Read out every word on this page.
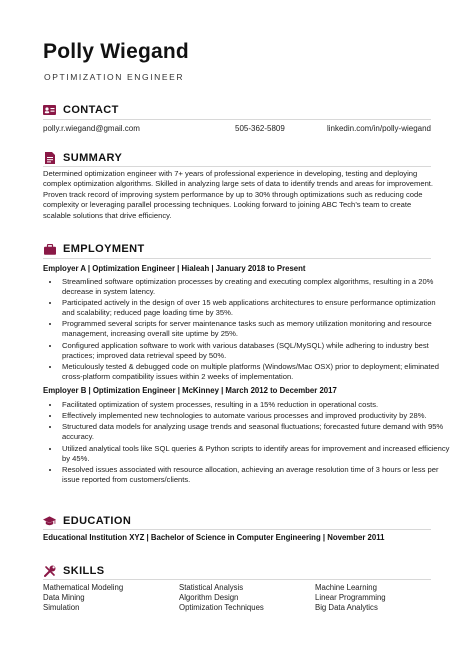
Polly Wiegand
OPTIMIZATION ENGINEER
CONTACT
polly.r.wiegand@gmail.com	505-362-5809	linkedin.com/in/polly-wiegand
SUMMARY

Determined optimization engineer with 7+ years of professional experience in developing, testing and deploying complex optimization algorithms. Skilled in analyzing large sets of data to identify trends and areas for improvement. Proven track record of improving system performance by up to 30% through optimizations such as reducing code complexity or leveraging parallel processing techniques. Looking forward to joining ABC Tech’s team to create scalable solutions that drive efficiency.

EMPLOYMENT
Employer A | Optimization Engineer | Hialeah | January 2018 to Present
• Streamlined software optimization processes by creating and executing complex algorithms, resulting in a 20% decrease in system latency.
• Participated actively in the design of over 15 web applications architectures to ensure performance optimization and scalability; reduced page loading time by 35%.
• Programmed several scripts for server maintenance tasks such as memory utilization monitoring and resource management, increasing overall site uptime by 25%.
• Configured application software to work with various databases (SQL/MySQL) while adhering to industry best practices; improved data retrieval speed by 50%.
• Meticulously tested & debugged code on multiple platforms (Windows/Mac OSX) prior to deployment; eliminated cross-platform compatibility issues within 2 weeks of implementation.
Employer B | Optimization Engineer | McKinney | March 2012 to December 2017
• Facilitated optimization of system processes, resulting in a 15% reduction in operational costs.
• Effectively implemented new technologies to automate various processes and improved productivity by 28%.
• Structured data models for analyzing usage trends and seasonal fluctuations; forecasted future demand with 95% accuracy.
• Utilized analytical tools like SQL queries & Python scripts to identify areas for improvement and increased efficiency by 45%.
• Resolved issues associated with resource allocation, achieving an average resolution time of 3 hours or less per issue reported from customers/clients.
EDUCATION
Educational Institution XYZ | Bachelor of Science in Computer Engineering | November 2011
SKILLS
Mathematical Modeling
Data Mining
Simulation
Statistical Analysis
Algorithm Design
Optimization Techniques
Machine Learning
Linear Programming
Big Data Analytics
